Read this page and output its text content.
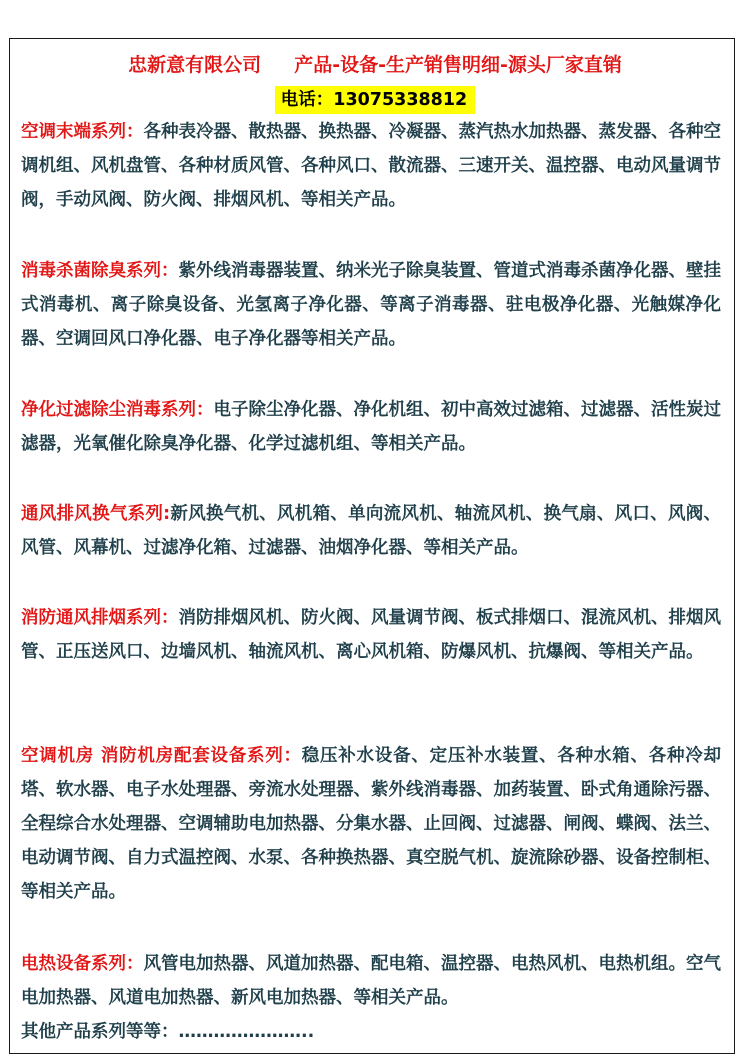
忠新意有限公司 产品-设备-生产销售明细-源头厂家直销
电话：13075338812
空调末端系列：各种表冷器、散热器、换热器、冷凝器、蒸汽热水加热器、蒸发器、各种空调机组、风机盘管、各种材质风管、各种风口、散流器、三速开关、温控器、电动风量调节阀，手动风阀、防火阀、排烟风机、等相关产品。
消毒杀菌除臭系列：紫外线消毒器装置、纳米光子除臭装置、管道式消毒杀菌净化器、壁挂式消毒机、离子除臭设备、光氢离子净化器、等离子消毒器、驻电极净化器、光触媒净化器、空调回风口净化器、电子净化器等相关产品。
净化过滤除尘消毒系列：电子除尘净化器、净化机组、初中高效过滤箱、过滤器、活性炭过滤器，光氧催化除臭净化器、化学过滤机组、等相关产品。
通风排风换气系列:新风换气机、风机箱、单向流风机、轴流风机、换气扇、风口、风阀、风管、风幕机、过滤净化箱、过滤器、油烟净化器、等相关产品。
消防通风排烟系列：消防排烟风机、防火阀、风量调节阀、板式排烟口、混流风机、排烟风管、正压送风口、边墙风机、轴流风机、离心风机箱、防爆风机、抗爆阀、等相关产品。
空调机房 消防机房配套设备系列：稳压补水设备、定压补水装置、各种水箱、各种冷却塔、软水器、电子水处理器、旁流水处理器、紫外线消毒器、加药装置、卧式角通除污器、全程综合水处理器、空调辅助电加热器、分集水器、止回阀、过滤器、闸阀、蝶阀、法兰、电动调节阀、自力式温控阀、水泵、各种换热器、真空脱气机、旋流除砂器、设备控制柜、等相关产品。
电热设备系列：风管电加热器、风道加热器、配电箱、温控器、电热风机、电热机组。空气电加热器、风道电加热器、新风电加热器、等相关产品。
其他产品系列等等：…………………..
